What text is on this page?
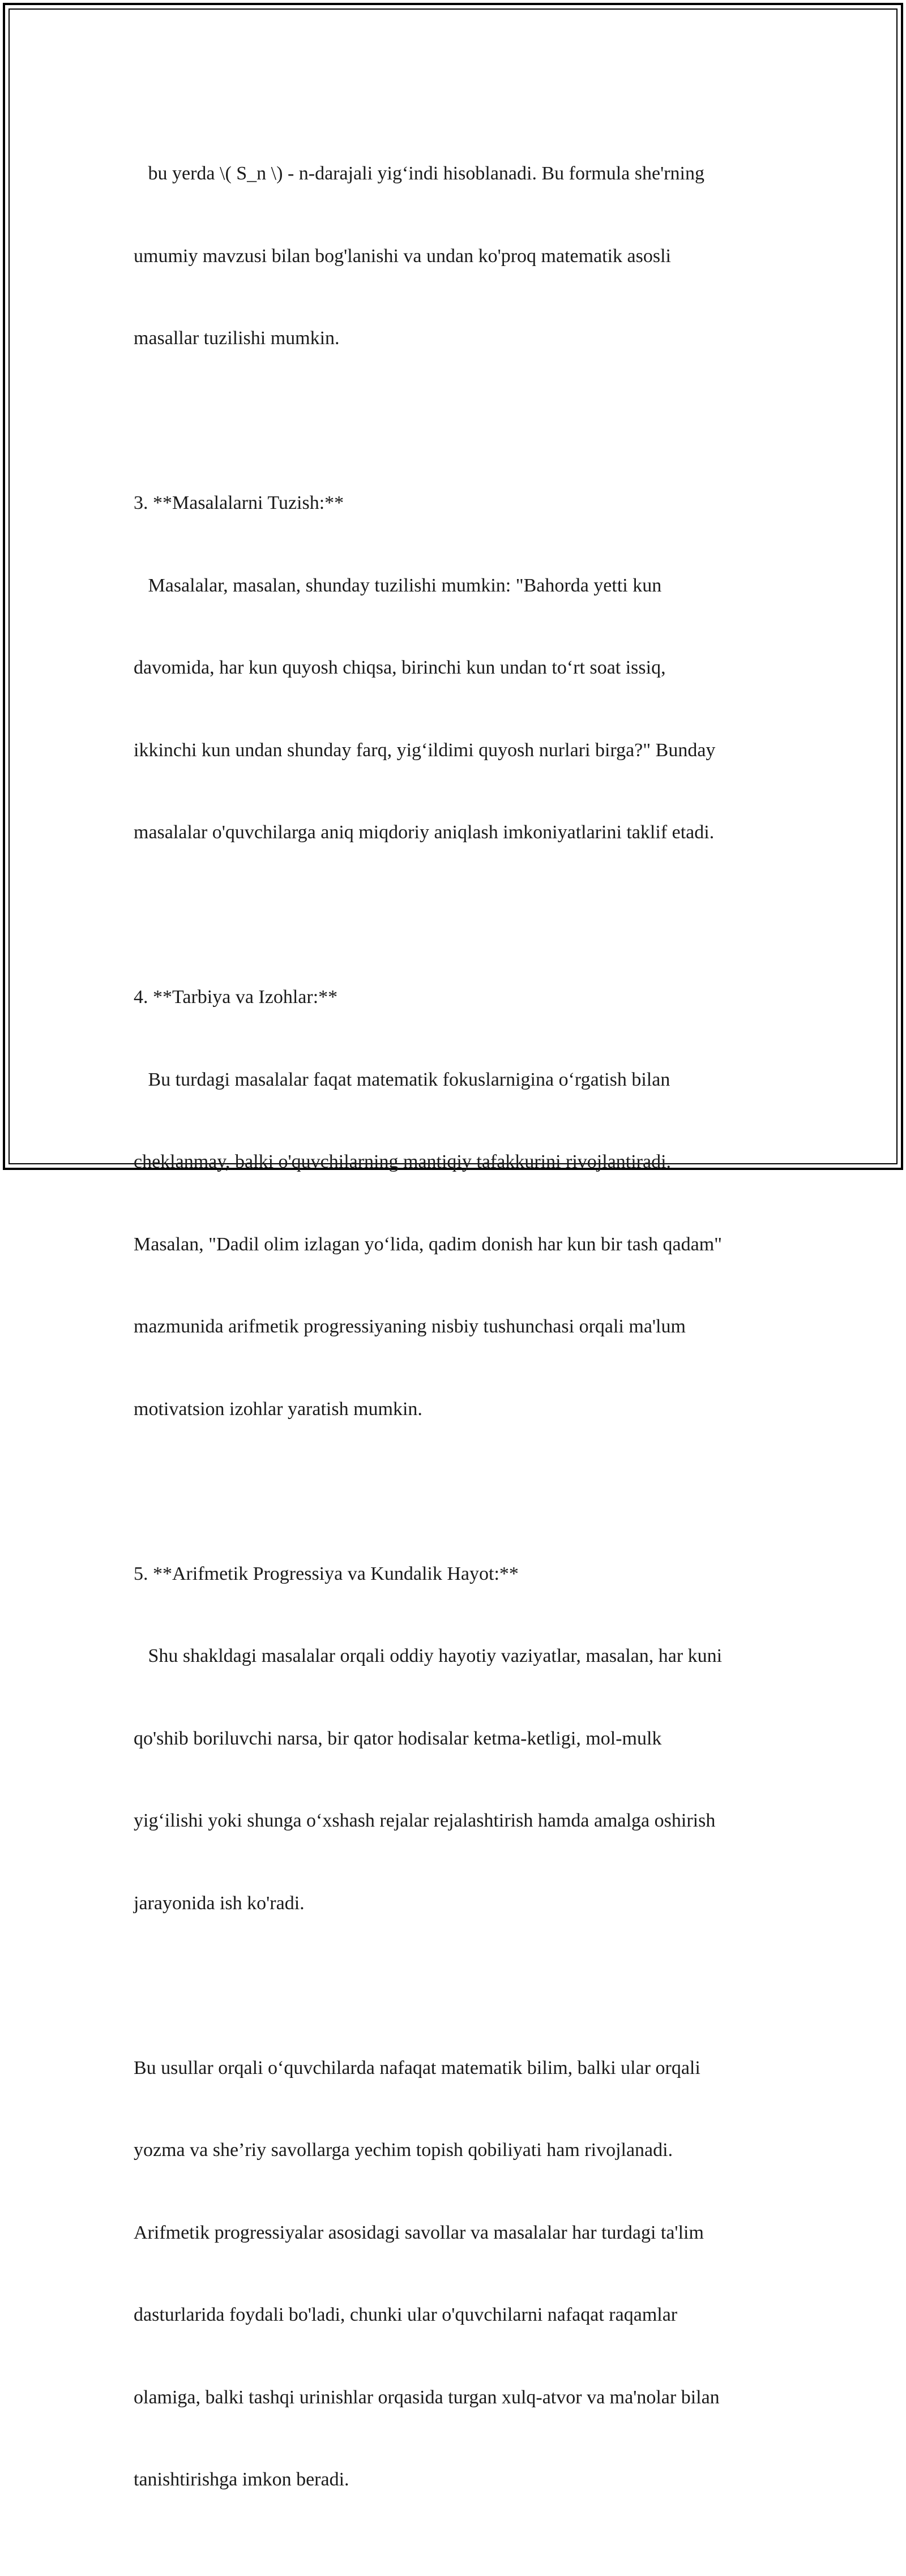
bu yerda \( S_n \) - n-darajali yig‘indi hisoblanadi. Bu formula she'rning

umumiy mavzusi bilan bog'lanishi va undan ko'proq matematik asosli

masallar tuzilishi mumkin.

3. **Masalalarni Tuzish:**

Masalalar, masalan, shunday tuzilishi mumkin: "Bahorda yetti kun

davomida, har kun quyosh chiqsa, birinchi kun undan to‘rt soat issiq,

ikkinchi kun undan shunday farq, yig‘ildimi quyosh nurlari birga?" Bunday

masalalar o'quvchilarga aniq miqdoriy aniqlash imkoniyatlarini taklif etadi.

4. **Tarbiya va Izohlar:**

Bu turdagi masalalar faqat matematik fokuslarnigina o‘rgatish bilan

cheklanmay, balki o'quvchilarning mantiqiy tafakkurini rivojlantiradi.

Masalan, "Dadil olim izlagan yo‘lida, qadim donish har kun bir tash qadam"

mazmunida arifmetik progressiyaning nisbiy tushunchasi orqali ma'lum

motivatsion izohlar yaratish mumkin.

5. **Arifmetik Progressiya va Kundalik Hayot:**

Shu shakldagi masalalar orqali oddiy hayotiy vaziyatlar, masalan, har kuni

qo'shib boriluvchi narsa, bir qator hodisalar ketma-ketligi, mol-mulk

yig‘ilishi yoki shunga o‘xshash rejalar rejalashtirish hamda amalga oshirish

jarayonida ish ko'radi.

Bu usullar orqali o‘quvchilarda nafaqat matematik bilim, balki ular orqali

yozma va she’riy savollarga yechim topish qobiliyati ham rivojlanadi.

Arifmetik progressiyalar asosidagi savollar va masalalar har turdagi ta'lim

dasturlarida foydali bo'ladi, chunki ular o'quvchilarni nafaqat raqamlar

olamiga, balki tashqi urinishlar orqasida turgan xulq-atvor va ma'nolar bilan

tanishtirishga imkon beradi.
